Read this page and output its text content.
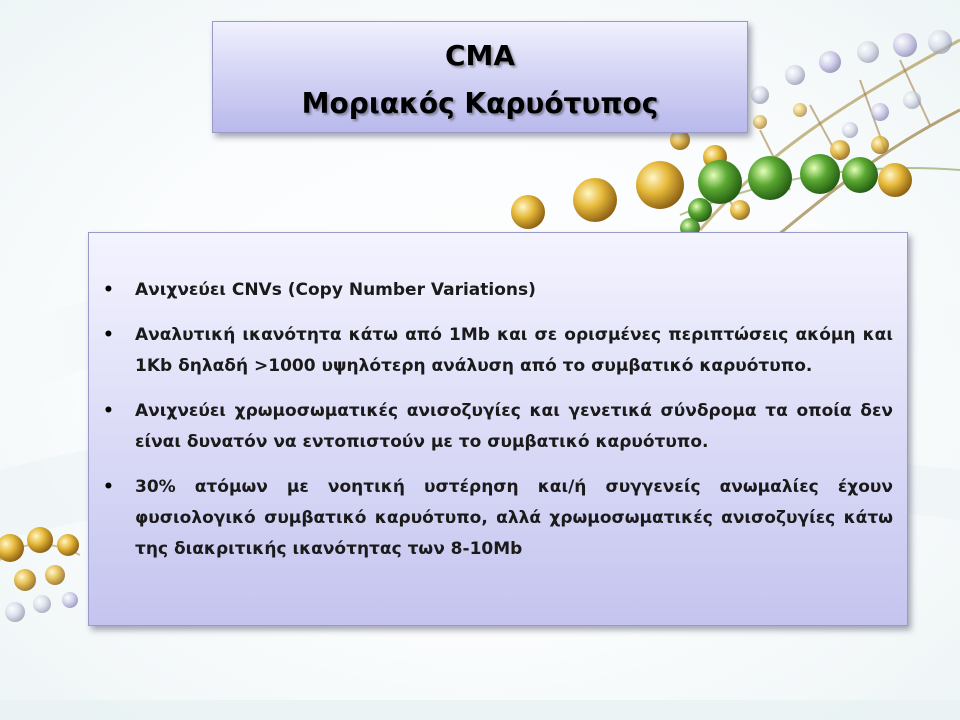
CMA

Μοριακός Καρυότυπος

•	Ανιχνεύει CNVs (Copy Number Variations)
•	Αναλυτική ικανότητα κάτω από 1Mb και σε ορισμένες περιπτώσεις ακόμη και 1Kb δηλαδή >1000 υψηλότερη ανάλυση από το συμβατικό καρυότυπο.
•	Ανιχνεύει χρωμοσωματικές ανισοζυγίες και γενετικά σύνδρομα τα οποία δεν είναι δυνατόν να εντοπιστούν με το συμβατικό καρυότυπο.
•	30% ατόμων με νοητική υστέρηση και/ή συγγενείς ανωμαλίες έχουν φυσιολογικό συμβατικό καρυότυπο, αλλά χρωμοσωματικές ανισοζυγίες κάτω της διακριτικής ικανότητας των 8-10Mb
